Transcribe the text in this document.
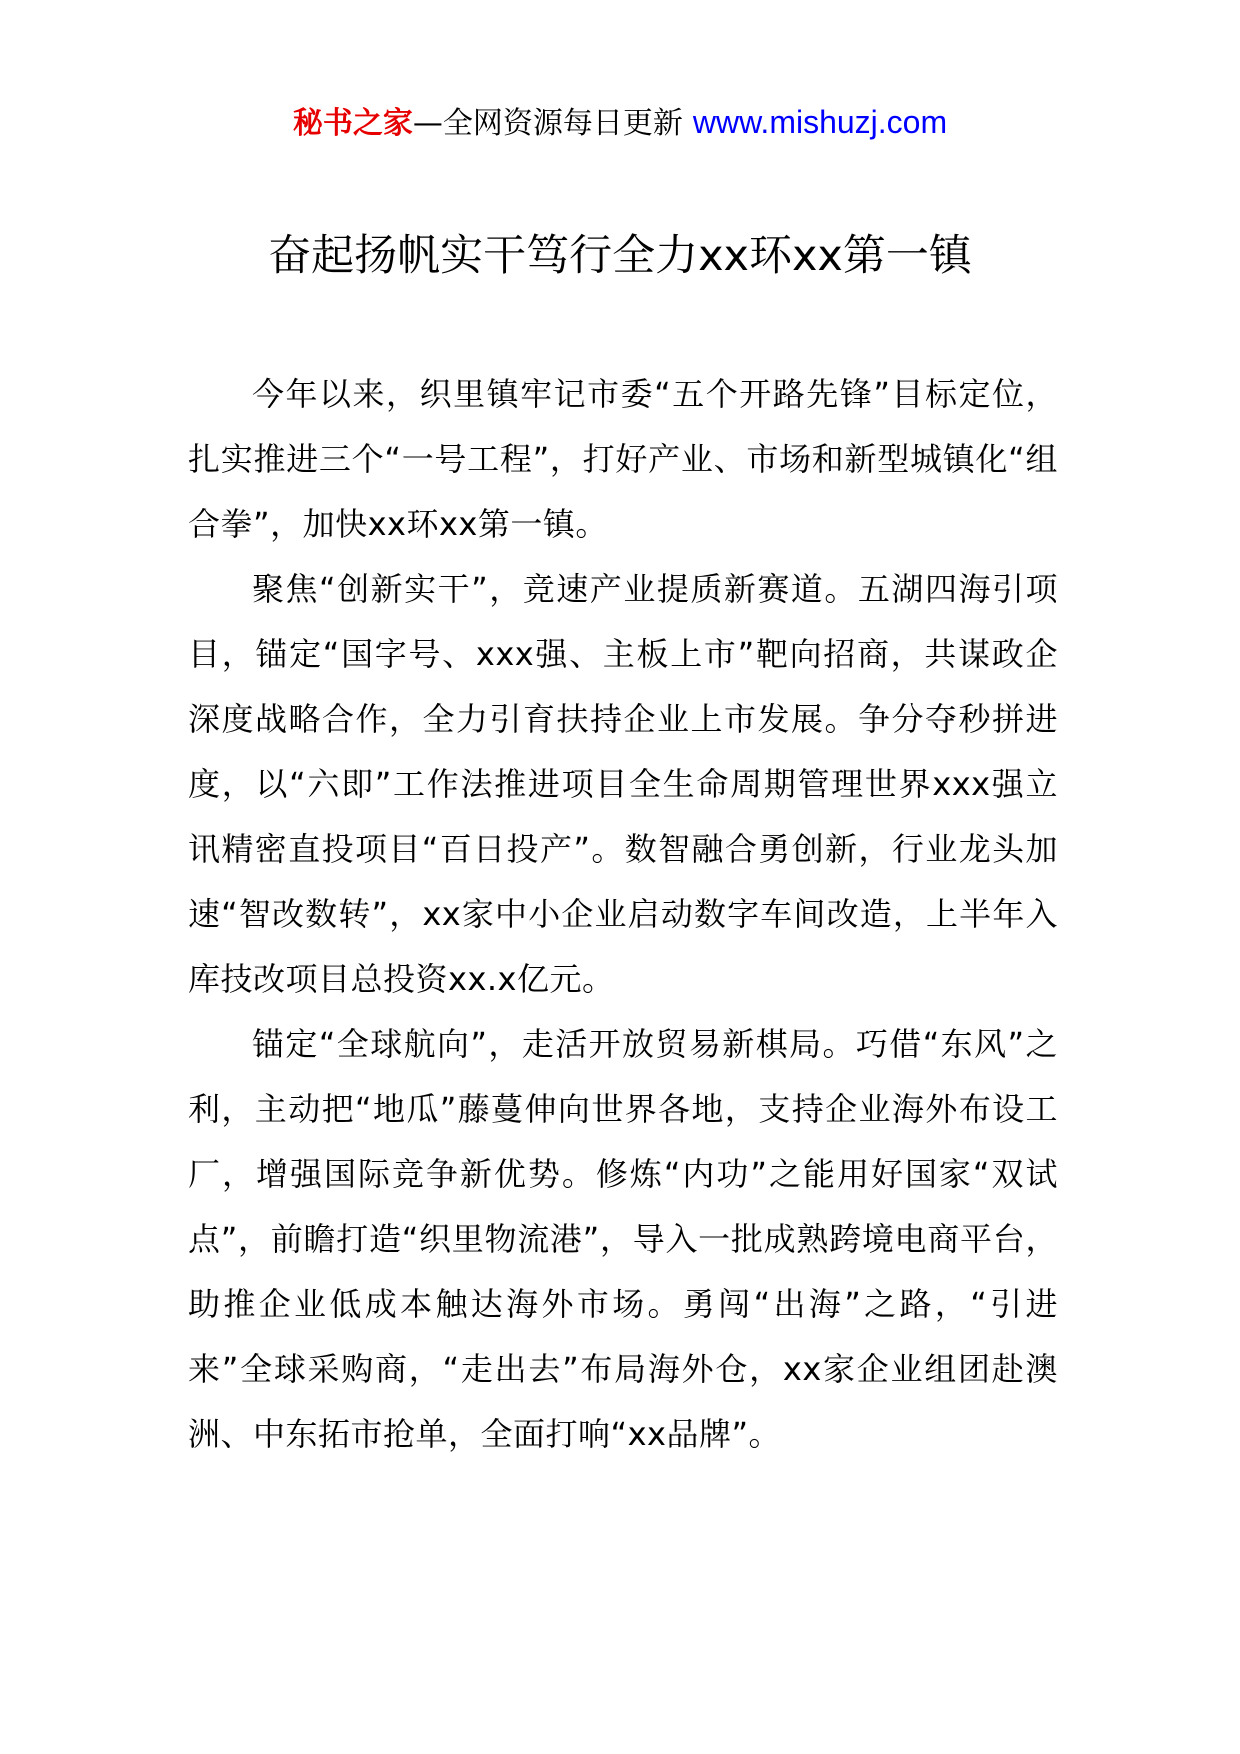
秘书之家—全网资源每日更新 www.mishuzj.com
奋起扬帆实干笃行全力xx环xx第一镇

今年以来，织里镇牢记市委“五个开路先锋”目标定位，扎实推进三个“一号工程”，打好产业、市场和新型城镇化“组合拳”，加快xx环xx第一镇。

聚焦“创新实干”，竞速产业提质新赛道。五湖四海引项目，锚定“国字号、xxx强、主板上市”靶向招商，共谋政企深度战略合作，全力引育扶持企业上市发展。争分夺秒拼进度，以“六即”工作法推进项目全生命周期管理世界xxx强立讯精密直投项目“百日投产”。数智融合勇创新，行业龙头加速“智改数转”，xx家中小企业启动数字车间改造，上半年入库技改项目总投资xx.x亿元。

锚定“全球航向”，走活开放贸易新棋局。巧借“东风”之利，主动把“地瓜”藤蔓伸向世界各地，支持企业海外布设工厂，增强国际竞争新优势。修炼“内功”之能用好国家“双试点”，前瞻打造“织里物流港”，导入一批成熟跨境电商平台，助推企业低成本触达海外市场。勇闯“出海”之路，“引进来”全球采购商，“走出去”布局海外仓，xx家企业组团赴澳洲、中东拓市抢单，全面打响“xx品牌”。
